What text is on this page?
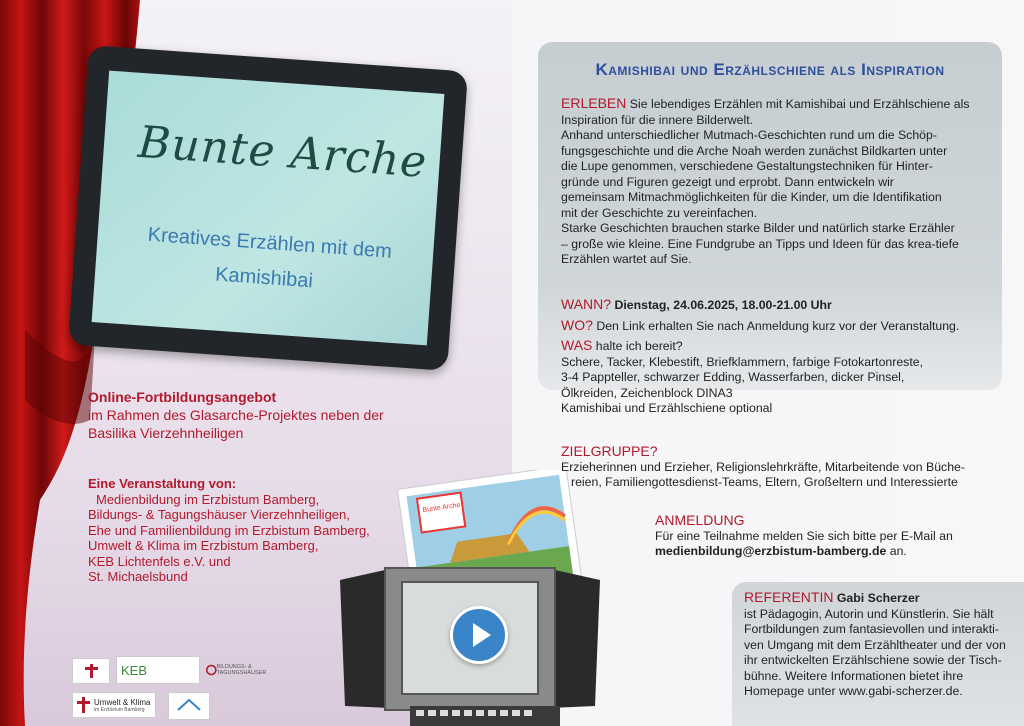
Bunte Arche
Kreatives Erzählen mit dem
Kamishibai
Online-Fortbildungsangebot
im Rahmen des Glasarche-Projektes neben der
Basilika Vierzehnheiligen
Eine Veranstaltung von:
Medienbildung im Erzbistum Bamberg,
Bildungs- & Tagungshäuser Vierzehnheiligen,
Ehe und Familienbildung im Erzbistum Bamberg,
Umwelt & Klima im Erzbistum Bamberg,
KEB Lichtenfels e.V. und
St. Michaelsbund
KEB	BILDUNGS- & TAGUNGSHÄUSER
Umwelt & Klima
im Erzbistum Bamberg
Bunte Arche
Kamishibai und Erzählschiene als Inspiration
ERLEBEN Sie lebendiges Erzählen mit Kamishibai und Erzählschiene als
Inspiration für die innere Bilderwelt.
Anhand unterschiedlicher Mutmach-Geschichten rund um die Schöp-
fungsgeschichte und die Arche Noah werden zunächst Bildkarten unter
die Lupe genommen, verschiedene Gestaltungstechniken für Hinter-
gründe und Figuren gezeigt und erprobt. Dann entwickeln wir
gemeinsam Mitmachmöglichkeiten für die Kinder, um die Identifikation
mit der Geschichte zu vereinfachen.
Starke Geschichten brauchen starke Bilder und natürlich starke Erzähler
– große wie kleine. Eine Fundgrube an Tipps und Ideen für das krea-tiefe
Erzählen wartet auf Sie.
WANN? Dienstag, 24.06.2025, 18.00-21.00 Uhr
WO? Den Link erhalten Sie nach Anmeldung kurz vor der Veranstaltung.
WAS halte ich bereit?
Schere, Tacker, Klebestift, Briefklammern, farbige Fotokartonreste,
3-4 Pappteller, schwarzer Edding, Wasserfarben, dicker Pinsel,
Ölkreiden, Zeichenblock DINA3
Kamishibai und Erzählschiene optional
ZIELGRUPPE?
Erzieherinnen und Erzieher, Religionslehrkräfte, Mitarbeitende von Büche-
reien, Familiengottesdienst-Teams, Eltern, Großeltern und Interessierte
ANMELDUNG
Für eine Teilnahme melden Sie sich bitte per E-Mail an
medienbildung@erzbistum-bamberg.de an.
REFERENTIN Gabi Scherzer
ist Pädagogin, Autorin und Künstlerin. Sie hält
Fortbildungen zum fantasievollen und interakti-
ven Umgang mit dem Erzähltheater und der von
ihr entwickelten Erzählschiene sowie der Tisch-
bühne. Weitere Informationen bietet ihre
Homepage unter www.gabi-scherzer.de.
